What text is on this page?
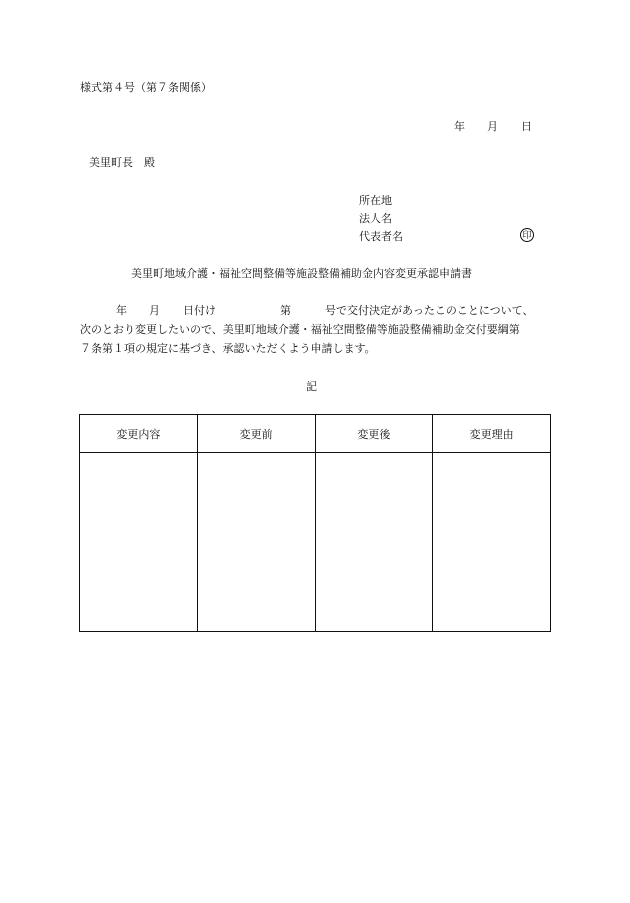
様式第４号（第７条関係）
年 月 日
美里町長　殿
所在地
法人名
代表者名	印
美里町地域介護・福祉空間整備等施設整備補助金内容変更承認申請書
年 月 日付け	第	号で交付決定があったこのことについて、
次のとおり変更したいので、美里町地域介護・福祉空間整備等施設整備補助金交付要綱第
７条第１項の規定に基づき、承認いただくよう申請します。
記
変更内容	変更前	変更後	変更理由
